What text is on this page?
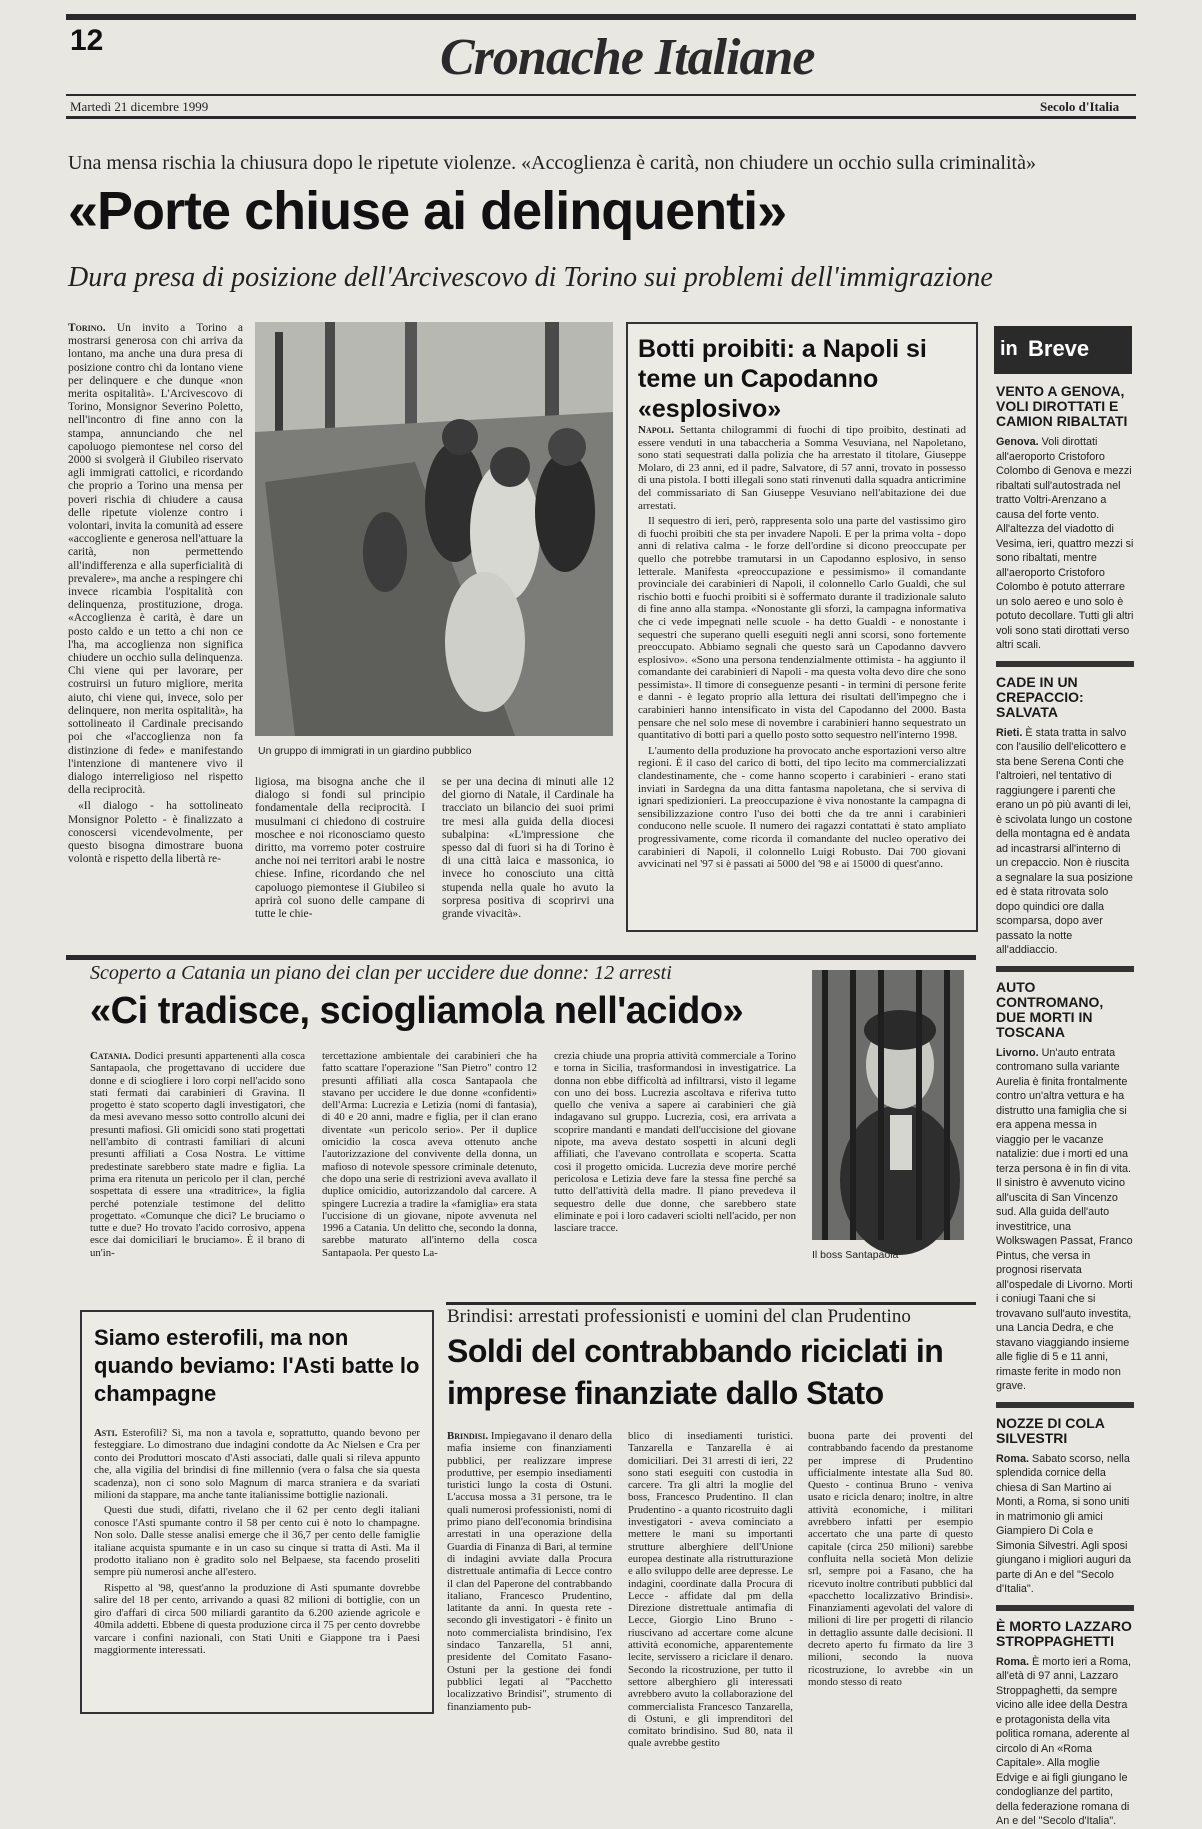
12	Cronache Italiane
Martedì 21 dicembre 1999	Secolo d'Italia
Una mensa rischia la chiusura dopo le ripetute violenze. «Accoglienza è carità, non chiudere un occhio sulla criminalità»
«Porte chiuse ai delinquenti»
Dura presa di posizione dell'Arcivescovo di Torino sui problemi dell'immigrazione

Torino. Un invito a Torino a mostrarsi generosa con chi arriva da lontano, ma anche una dura presa di posizione contro chi da lontano viene per delinquere e che dunque «non merita ospitalità». L'Arcivescovo di Torino, Monsignor Severino Poletto, nell'incontro di fine anno con la stampa, annunciando che nel capoluogo piemontese nel corso del 2000 si svolgerà il Giubileo riservato agli immigrati cattolici, e ricordando che proprio a Torino una mensa per poveri rischia di chiudere a causa delle ripetute violenze contro i volontari, invita la comunità ad essere «accogliente e generosa nell'attuare la carità, non permettendo all'indifferenza e alla superficialità di prevalere», ma anche a respingere chi invece ricambia l'ospitalità con delinquenza, prostituzione, droga. «Accoglienza è carità, è dare un posto caldo e un tetto a chi non ce l'ha, ma accoglienza non significa chiudere un occhio sulla delinquenza. Chi viene qui per lavorare, per costruirsi un futuro migliore, merita aiuto, chi viene qui, invece, solo per delinquere, non merita ospitalità», ha sottolineato il Cardinale precisando poi che «l'accoglienza non fa distinzione di fede» e manifestando l'intenzione di mantenere vivo il dialogo interreligioso nel rispetto della reciprocità.

«Il dialogo - ha sottolineato Monsignor Poletto - è finalizzato a conoscersi vicendevolmente, per questo bisogna dimostrare buona volontà e rispetto della libertà re-

Un gruppo di immigrati in un giardino pubblico

ligiosa, ma bisogna anche che il dialogo si fondi sul principio fondamentale della reciprocità. I musulmani ci chiedono di costruire moschee e noi riconosciamo questo diritto, ma vorremo poter costruire anche noi nei territori arabi le nostre chiese. Infine, ricordando che nel capoluogo piemontese il Giubileo si aprirà col suono delle campane di tutte le chie-

se per una decina di minuti alle 12 del giorno di Natale, il Cardinale ha tracciato un bilancio dei suoi primi tre mesi alla guida della diocesi subalpina: «L'impressione che spesso dal di fuori si ha di Torino è di una città laica e massonica, io invece ho conosciuto una città stupenda nella quale ho avuto la sorpresa positiva di scoprirvi una grande vivacità».

Botti proibiti: a Napoli si teme un Capodanno «esplosivo»

Napoli. Settanta chilogrammi di fuochi di tipo proibito, destinati ad essere venduti in una tabaccheria a Somma Vesuviana, nel Napoletano, sono stati sequestrati dalla polizia che ha arrestato il titolare, Giuseppe Molaro, di 23 anni, ed il padre, Salvatore, di 57 anni, trovato in possesso di una pistola. I botti illegali sono stati rinvenuti dalla squadra anticrimine del commissariato di San Giuseppe Vesuviano nell'abitazione dei due arrestati.

Il sequestro di ieri, però, rappresenta solo una parte del vastissimo giro di fuochi proibiti che sta per invadere Napoli. E per la prima volta - dopo anni di relativa calma - le forze dell'ordine si dicono preoccupate per quello che potrebbe tramutarsi in un Capodanno esplosivo, in senso letterale. Manifesta «preoccupazione e pessimismo» il comandante provinciale dei carabinieri di Napoli, il colonnello Carlo Gualdi, che sul rischio botti e fuochi proibiti si è soffermato durante il tradizionale saluto di fine anno alla stampa. «Nonostante gli sforzi, la campagna informativa che ci vede impegnati nelle scuole - ha detto Gualdi - e nonostante i sequestri che superano quelli eseguiti negli anni scorsi, sono fortemente preoccupato. Abbiamo segnali che questo sarà un Capodanno davvero esplosivo». «Sono una persona tendenzialmente ottimista - ha aggiunto il comandante dei carabinieri di Napoli - ma questa volta devo dire che sono pessimista». Il timore di conseguenze pesanti - in termini di persone ferite e danni - è legato proprio alla lettura dei risultati dell'impegno che i carabinieri hanno intensificato in vista del Capodanno del 2000. Basta pensare che nel solo mese di novembre i carabinieri hanno sequestrato un quantitativo di botti pari a quello posto sotto sequestro nell'interno 1998.

L'aumento della produzione ha provocato anche esportazioni verso altre regioni. È il caso del carico di botti, del tipo lecito ma commercializzati clandestinamente, che - come hanno scoperto i carabinieri - erano stati inviati in Sardegna da una ditta fantasma napoletana, che si serviva di ignari spedizionieri. La preoccupazione è viva nonostante la campagna di sensibilizzazione contro l'uso dei botti che da tre anni i carabinieri conducono nelle scuole. Il numero dei ragazzi contattati è stato ampliato progressivamente, come ricorda il comandante del nucleo operativo dei carabinieri di Napoli, il colonnello Luigi Robusto. Dai 700 giovani avvicinati nel '97 si è passati ai 5000 del '98 e ai 15000 di quest'anno.

in Breve
VENTO A GENOVA, VOLI DIROTTATI E CAMION RIBALTATI

Genova. Voli dirottati all'aeroporto Cristoforo Colombo di Genova e mezzi ribaltati sull'autostrada nel tratto Voltri-Arenzano a causa del forte vento. All'altezza del viadotto di Vesima, ieri, quattro mezzi si sono ribaltati, mentre all'aeroporto Cristoforo Colombo è potuto atterrare un solo aereo e uno solo è potuto decollare. Tutti gli altri voli sono stati dirottati verso altri scali.

CADE IN UN CREPACCIO: SALVATA

Rieti. È stata tratta in salvo con l'ausilio dell'elicottero e sta bene Serena Conti che l'altroieri, nel tentativo di raggiungere i parenti che erano un pò più avanti di lei, è scivolata lungo un costone della montagna ed è andata ad incastrarsi all'interno di un crepaccio. Non è riuscita a segnalare la sua posizione ed è stata ritrovata solo dopo quindici ore dalla scomparsa, dopo aver passato la notte all'addiaccio.

AUTO CONTROMANO, DUE MORTI IN TOSCANA

Livorno. Un'auto entrata contromano sulla variante Aurelia è finita frontalmente contro un'altra vettura e ha distrutto una famiglia che si era appena messa in viaggio per le vacanze natalizie: due i morti ed una terza persona è in fin di vita. Il sinistro è avvenuto vicino all'uscita di San Vincenzo sud. Alla guida dell'auto investitrice, una Wolkswagen Passat, Franco Pintus, che versa in prognosi riservata all'ospedale di Livorno. Morti i coniugi Taani che si trovavano sull'auto investita, una Lancia Dedra, e che stavano viaggiando insieme alle figlie di 5 e 11 anni, rimaste ferite in modo non grave.

NOZZE DI COLA SILVESTRI

Roma. Sabato scorso, nella splendida cornice della chiesa di San Martino ai Monti, a Roma, si sono uniti in matrimonio gli amici Giampiero Di Cola e Simonia Silvestri. Agli sposi giungano i migliori auguri da parte di An e del "Secolo d'Italia".

È MORTO LAZZARO STROPPAGHETTI

Roma. È morto ieri a Roma, all'età di 97 anni, Lazzaro Stroppaghetti, da sempre vicino alle idee della Destra e protagonista della vita politica romana, aderente al circolo di An «Roma Capitale». Alla moglie Edvige e ai figli giungano le condoglianze del partito, della federazione romana di An e del "Secolo d'Italia".

Scoperto a Catania un piano dei clan per uccidere due donne: 12 arresti
«Ci tradisce, sciogliamola nell'acido»

Catania. Dodici presunti appartenenti alla cosca Santapaola, che progettavano di uccidere due donne e di sciogliere i loro corpi nell'acido sono stati fermati dai carabinieri di Gravina. Il progetto è stato scoperto dagli investigatori, che da mesi avevano messo sotto controllo alcuni dei presunti mafiosi. Gli omicidi sono stati progettati nell'ambito di contrasti familiari di alcuni presunti affiliati a Cosa Nostra. Le vittime predestinate sarebbero state madre e figlia. La prima era ritenuta un pericolo per il clan, perché sospettata di essere una «traditrice», la figlia perché potenziale testimone del delitto progettato. «Comunque che dici? Le bruciamo o tutte e due? Ho trovato l'acido corrosivo, appena esce dai domiciliari le bruciamo». È il brano di un'in-

tercettazione ambientale dei carabinieri che ha fatto scattare l'operazione "San Pietro" contro 12 presunti affiliati alla cosca Santapaola che stavano per uccidere le due donne «confidenti» dell'Arma: Lucrezia e Letizia (nomi di fantasia), di 40 e 20 anni, madre e figlia, per il clan erano diventate «un pericolo serio». Per il duplice omicidio la cosca aveva ottenuto anche l'autorizzazione del convivente della donna, un mafioso di notevole spessore criminale detenuto, che dopo una serie di restrizioni aveva avallato il duplice omicidio, autorizzandolo dal carcere. A spingere Lucrezia a tradire la «famiglia» era stata l'uccisione di un giovane, nipote avvenuta nel 1996 a Catania. Un delitto che, secondo la donna, sarebbe maturato all'interno della cosca Santapaola. Per questo La-

crezia chiude una propria attività commerciale a Torino e torna in Sicilia, trasformandosi in investigatrice. La donna non ebbe difficoltà ad infiltrarsi, visto il legame con uno dei boss. Lucrezia ascoltava e riferiva tutto quello che veniva a sapere ai carabinieri che già indagavano sul gruppo. Lucrezia, così, era arrivata a scoprire mandanti e mandati dell'uccisione del giovane nipote, ma aveva destato sospetti in alcuni degli affiliati, che l'avevano controllata e scoperta. Scatta così il progetto omicida. Lucrezia deve morire perché pericolosa e Letizia deve fare la stessa fine perché sa tutto dell'attività della madre. Il piano prevedeva il sequestro delle due donne, che sarebbero state eliminate e poi i loro cadaveri sciolti nell'acido, per non lasciare tracce.

Il boss Santapaola
Siamo esterofili, ma non quando beviamo: l'Asti batte lo champagne

Asti. Esterofili? Sì, ma non a tavola e, soprattutto, quando bevono per festeggiare. Lo dimostrano due indagini condotte da Ac Nielsen e Cra per conto dei Produttori moscato d'Asti associati, dalle quali si rileva appunto che, alla vigilia del brindisi di fine millennio (vera o falsa che sia questa scadenza), non ci sono solo Magnum di marca straniera e da svariati milioni da stappare, ma anche tante italianissime bottiglie nazionali.

Questi due studi, difatti, rivelano che il 62 per cento degli italiani conosce l'Asti spumante contro il 58 per cento cui è noto lo champagne. Non solo. Dalle stesse analisi emerge che il 36,7 per cento delle famiglie italiane acquista spumante e in un caso su cinque si tratta di Asti. Ma il prodotto italiano non è gradito solo nel Belpaese, sta facendo proseliti sempre più numerosi anche all'estero.

Rispetto al '98, quest'anno la produzione di Asti spumante dovrebbe salire del 18 per cento, arrivando a quasi 82 milioni di bottiglie, con un giro d'affari di circa 500 miliardi garantito da 6.200 aziende agricole e 40mila addetti. Ebbene di questa produzione circa il 75 per cento dovrebbe varcare i confini nazionali, con Stati Uniti e Giappone tra i Paesi maggiormente interessati.

Brindisi: arrestati professionisti e uomini del clan Prudentino
Soldi del contrabbando riciclati in imprese finanziate dallo Stato

Brindisi. Impiegavano il denaro della mafia insieme con finanziamenti pubblici, per realizzare imprese produttive, per esempio insediamenti turistici lungo la costa di Ostuni. L'accusa mossa a 31 persone, tra le quali numerosi professionisti, nomi di primo piano dell'economia brindisina arrestati in una operazione della Guardia di Finanza di Bari, al termine di indagini avviate dalla Procura distrettuale antimafia di Lecce contro il clan del Paperone del contrabbando italiano, Francesco Prudentino, latitante da anni. In questa rete - secondo gli investigatori - è finito un noto commercialista brindisino, l'ex sindaco Tanzarella, 51 anni, presidente del Comitato Fasano-Ostuni per la gestione dei fondi pubblici legati al "Pacchetto localizzativo Brindisi", strumento di finanziamento pub-

blico di insediamenti turistici. Tanzarella e Tanzarella è ai domiciliari. Dei 31 arresti di ieri, 22 sono stati eseguiti con custodia in carcere. Tra gli altri la moglie del boss, Francesco Prudentino. Il clan Prudentino - a quanto ricostruito dagli investigatori - aveva cominciato a mettere le mani su importanti strutture alberghiere dell'Unione europea destinate alla ristrutturazione e allo sviluppo delle aree depresse. Le indagini, coordinate dalla Procura di Lecce - affidate dal pm della Direzione distrettuale antimafia di Lecce, Giorgio Lino Bruno - riuscivano ad accertare come alcune attività economiche, apparentemente lecite, servissero a riciclare il denaro. Secondo la ricostruzione, per tutto il settore alberghiero gli interessati avrebbero avuto la collaborazione del commercialista Francesco Tanzarella, di Ostuni, e gli imprenditori del comitato brindisino. Sud 80, nata il quale avrebbe gestito

buona parte dei proventi del contrabbando facendo da prestanome per imprese di Prudentino ufficialmente intestate alla Sud 80. Questo - continua Bruno - veniva usato e ricicla denaro; inoltre, in altre attività economiche, i militari avrebbero infatti per esempio accertato che una parte di questo capitale (circa 250 milioni) sarebbe confluita nella società Mon delizie srl, sempre poi a Fasano, che ha ricevuto inoltre contributi pubblici dal «pacchetto localizzativo Brindisi». Finanziamenti agevolati del valore di milioni di lire per progetti di rilancio in dettaglio assunte dalle decisioni. Il decreto aperto fu firmato da lire 3 milioni, secondo la nuova ricostruzione, lo avrebbe «in un mondo stesso di reato
